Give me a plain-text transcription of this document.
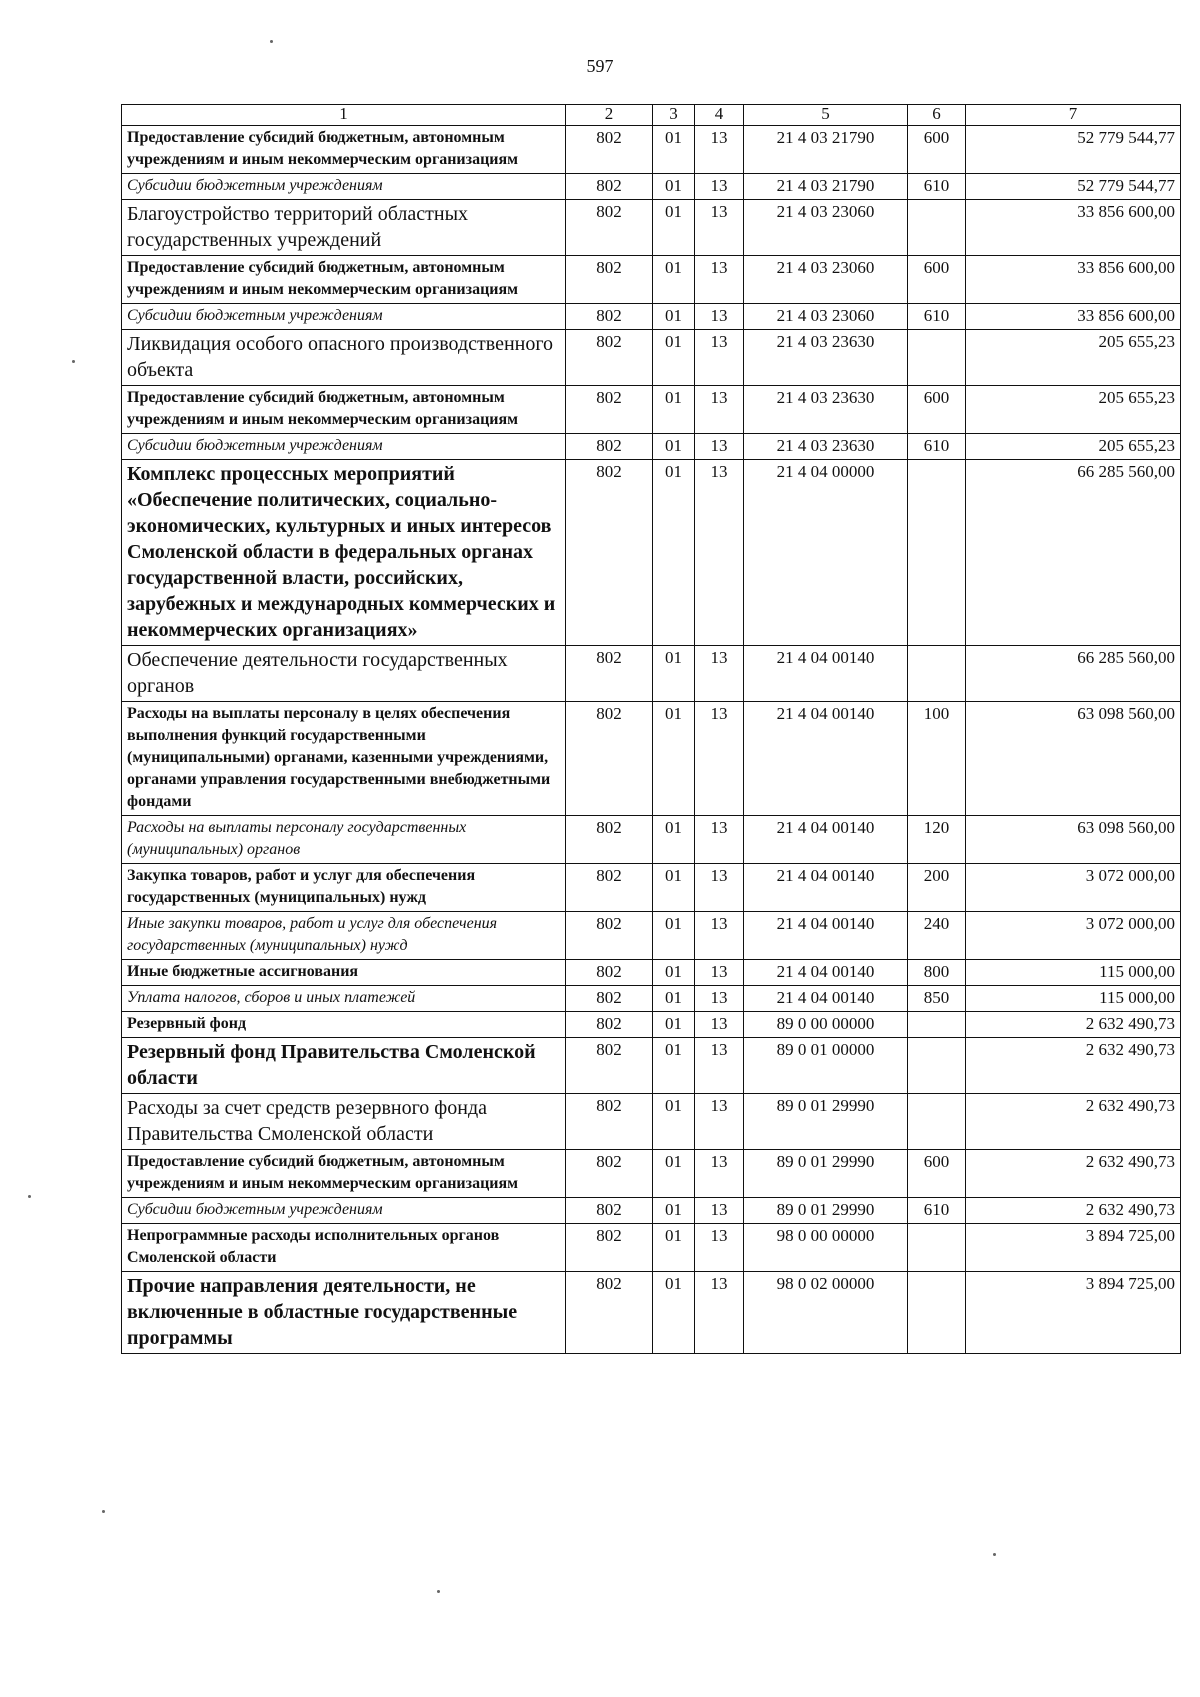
597
1	2	3	4	5	6	7
Предоставление субсидий бюджетным, автономным учреждениям и иным некоммерческим организациям	802	01	13	21 4 03 21790	600	52 779 544,77
Субсидии бюджетным учреждениям	802	01	13	21 4 03 21790	610	52 779 544,77
Благоустройство территорий областных государственных учреждений	802	01	13	21 4 03 23060		33 856 600,00
Предоставление субсидий бюджетным, автономным учреждениям и иным некоммерческим организациям	802	01	13	21 4 03 23060	600	33 856 600,00
Субсидии бюджетным учреждениям	802	01	13	21 4 03 23060	610	33 856 600,00
Ликвидация особого опасного производственного объекта	802	01	13	21 4 03 23630		205 655,23
Предоставление субсидий бюджетным, автономным учреждениям и иным некоммерческим организациям	802	01	13	21 4 03 23630	600	205 655,23
Субсидии бюджетным учреждениям	802	01	13	21 4 03 23630	610	205 655,23
Комплекс процессных мероприятий «Обеспечение политических, социально-экономических, культурных и иных интересов Смоленской области в федеральных органах государственной власти, российских, зарубежных и международных коммерческих и некоммерческих организациях»	802	01	13	21 4 04 00000		66 285 560,00
Обеспечение деятельности государственных органов	802	01	13	21 4 04 00140		66 285 560,00
Расходы на выплаты персоналу в целях обеспечения выполнения функций государственными (муниципальными) органами, казенными учреждениями, органами управления государственными внебюджетными фондами	802	01	13	21 4 04 00140	100	63 098 560,00
Расходы на выплаты персоналу государственных (муниципальных) органов	802	01	13	21 4 04 00140	120	63 098 560,00
Закупка товаров, работ и услуг для обеспечения государственных (муниципальных) нужд	802	01	13	21 4 04 00140	200	3 072 000,00
Иные закупки товаров, работ и услуг для обеспечения государственных (муниципальных) нужд	802	01	13	21 4 04 00140	240	3 072 000,00
Иные бюджетные ассигнования	802	01	13	21 4 04 00140	800	115 000,00
Уплата налогов, сборов и иных платежей	802	01	13	21 4 04 00140	850	115 000,00
Резервный фонд	802	01	13	89 0 00 00000		2 632 490,73
Резервный фонд Правительства Смоленской области	802	01	13	89 0 01 00000		2 632 490,73
Расходы за счет средств резервного фонда Правительства Смоленской области	802	01	13	89 0 01 29990		2 632 490,73
Предоставление субсидий бюджетным, автономным учреждениям и иным некоммерческим организациям	802	01	13	89 0 01 29990	600	2 632 490,73
Субсидии бюджетным учреждениям	802	01	13	89 0 01 29990	610	2 632 490,73
Непрограммные расходы исполнительных органов Смоленской области	802	01	13	98 0 00 00000		3 894 725,00
Прочие направления деятельности, не включенные в областные государственные программы	802	01	13	98 0 02 00000		3 894 725,00
